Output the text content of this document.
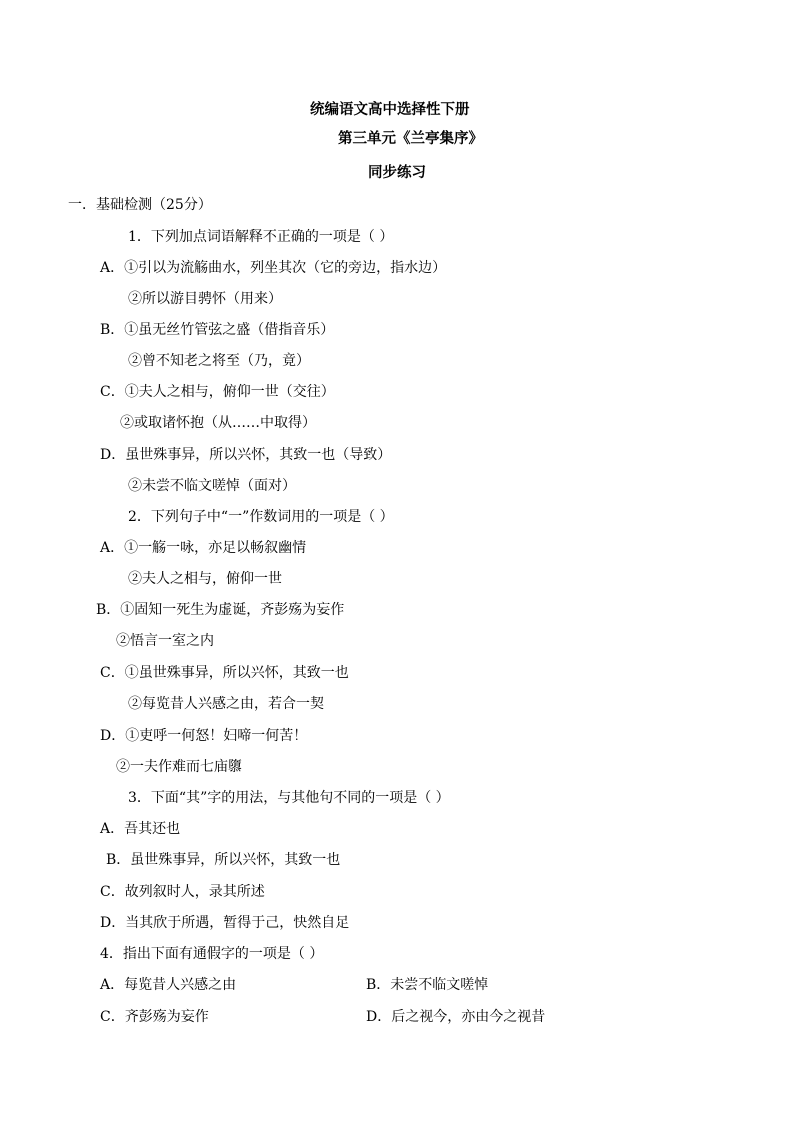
统编语文高中选择性下册
第三单元《兰亭集序》
同步练习
一．基础检测（25分）
1．下列加点词语解释不正确的一项是（ ）
A．①引以为流觞曲水，列坐其次（它的旁边，指水边）
②所以游目骋怀（用来）
B．①虽无丝竹管弦之盛（借指音乐）
②曾不知老之将至（乃，竟）
C．①夫人之相与，俯仰一世（交往）
②或取诸怀抱（从……中取得）
D．虽世殊事异，所以兴怀，其致一也（导致）
②未尝不临文嗟悼（面对）
2．下列句子中“一”作数词用的一项是（ ）
A．①一觞一咏，亦足以畅叙幽情
②夫人之相与，俯仰一世
B．①固知一死生为虚诞，齐彭殇为妄作
②悟言一室之内
C．①虽世殊事异，所以兴怀，其致一也
②每览昔人兴感之由，若合一契
D．①吏呼一何怒！妇啼一何苦！
②一夫作难而七庙隳
3．下面“其”字的用法，与其他句不同的一项是（ ）
A．吾其还也
B．虽世殊事异，所以兴怀，其致一也
C．故列叙时人，录其所述
D．当其欣于所遇，暂得于己，快然自足
4．指出下面有通假字的一项是（ ）
A．每览昔人兴感之由	B．未尝不临文嗟悼
C．齐彭殇为妄作	D．后之视今，亦由今之视昔
